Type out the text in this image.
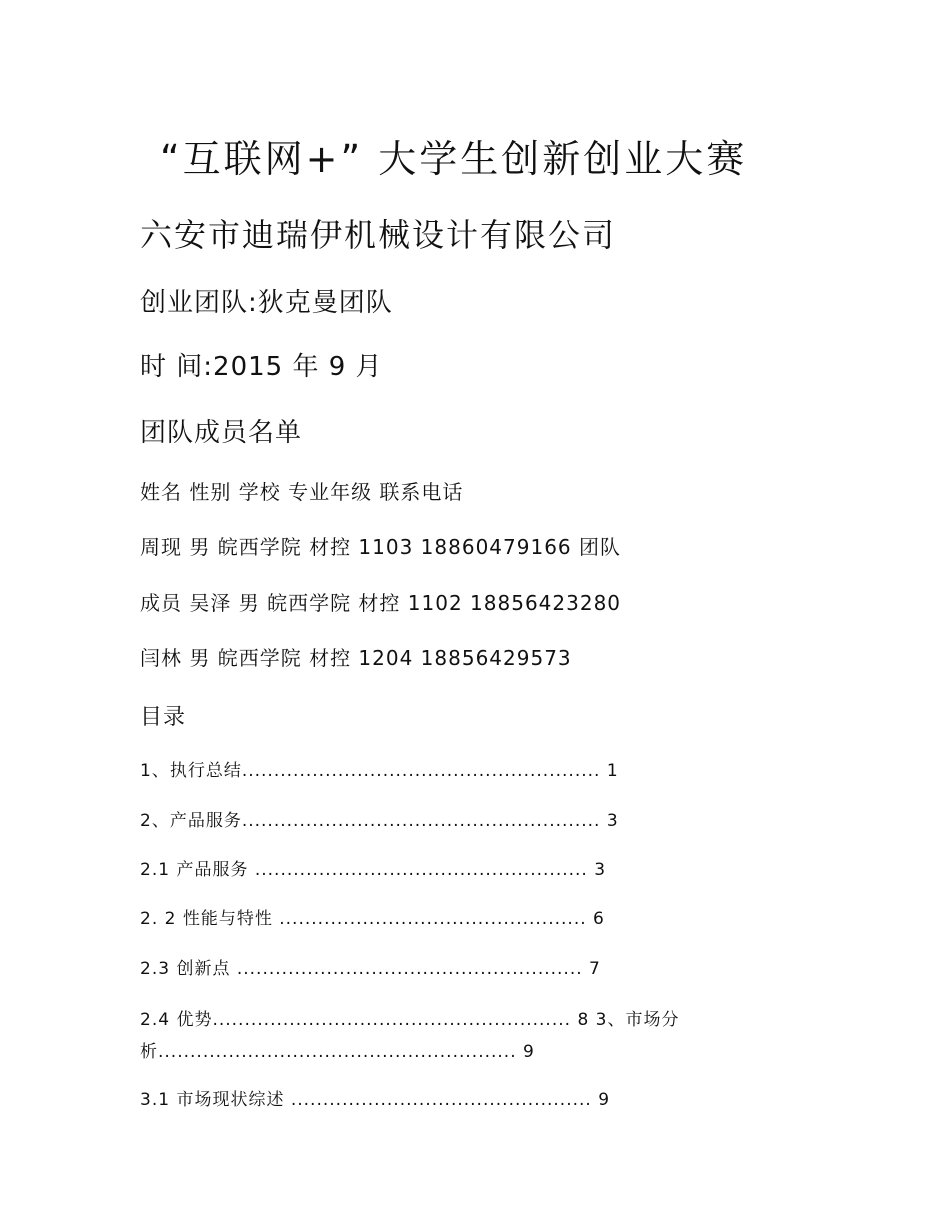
“互联网+” 大学生创新创业大赛
六安市迪瑞伊机械设计有限公司
创业团队:狄克曼团队
时 间:2015 年 9 月
团队成员名单
姓名 性别 学校 专业年级 联系电话
周现 男 皖西学院 材控 1103 18860479166 团队
成员 吴泽 男 皖西学院 材控 1102 18856423280
闫林 男 皖西学院 材控 1204 18856429573
目录
1、执行总结........................................................ 1
2、产品服务........................................................ 3
2.1 产品服务 .................................................... 3
2. 2 性能与特性 ................................................ 6
2.3 创新点 ...................................................... 7
2.4 优势........................................................ 8 3、市场分
析........................................................ 9
3.1 市场现状综述 ............................................... 9
